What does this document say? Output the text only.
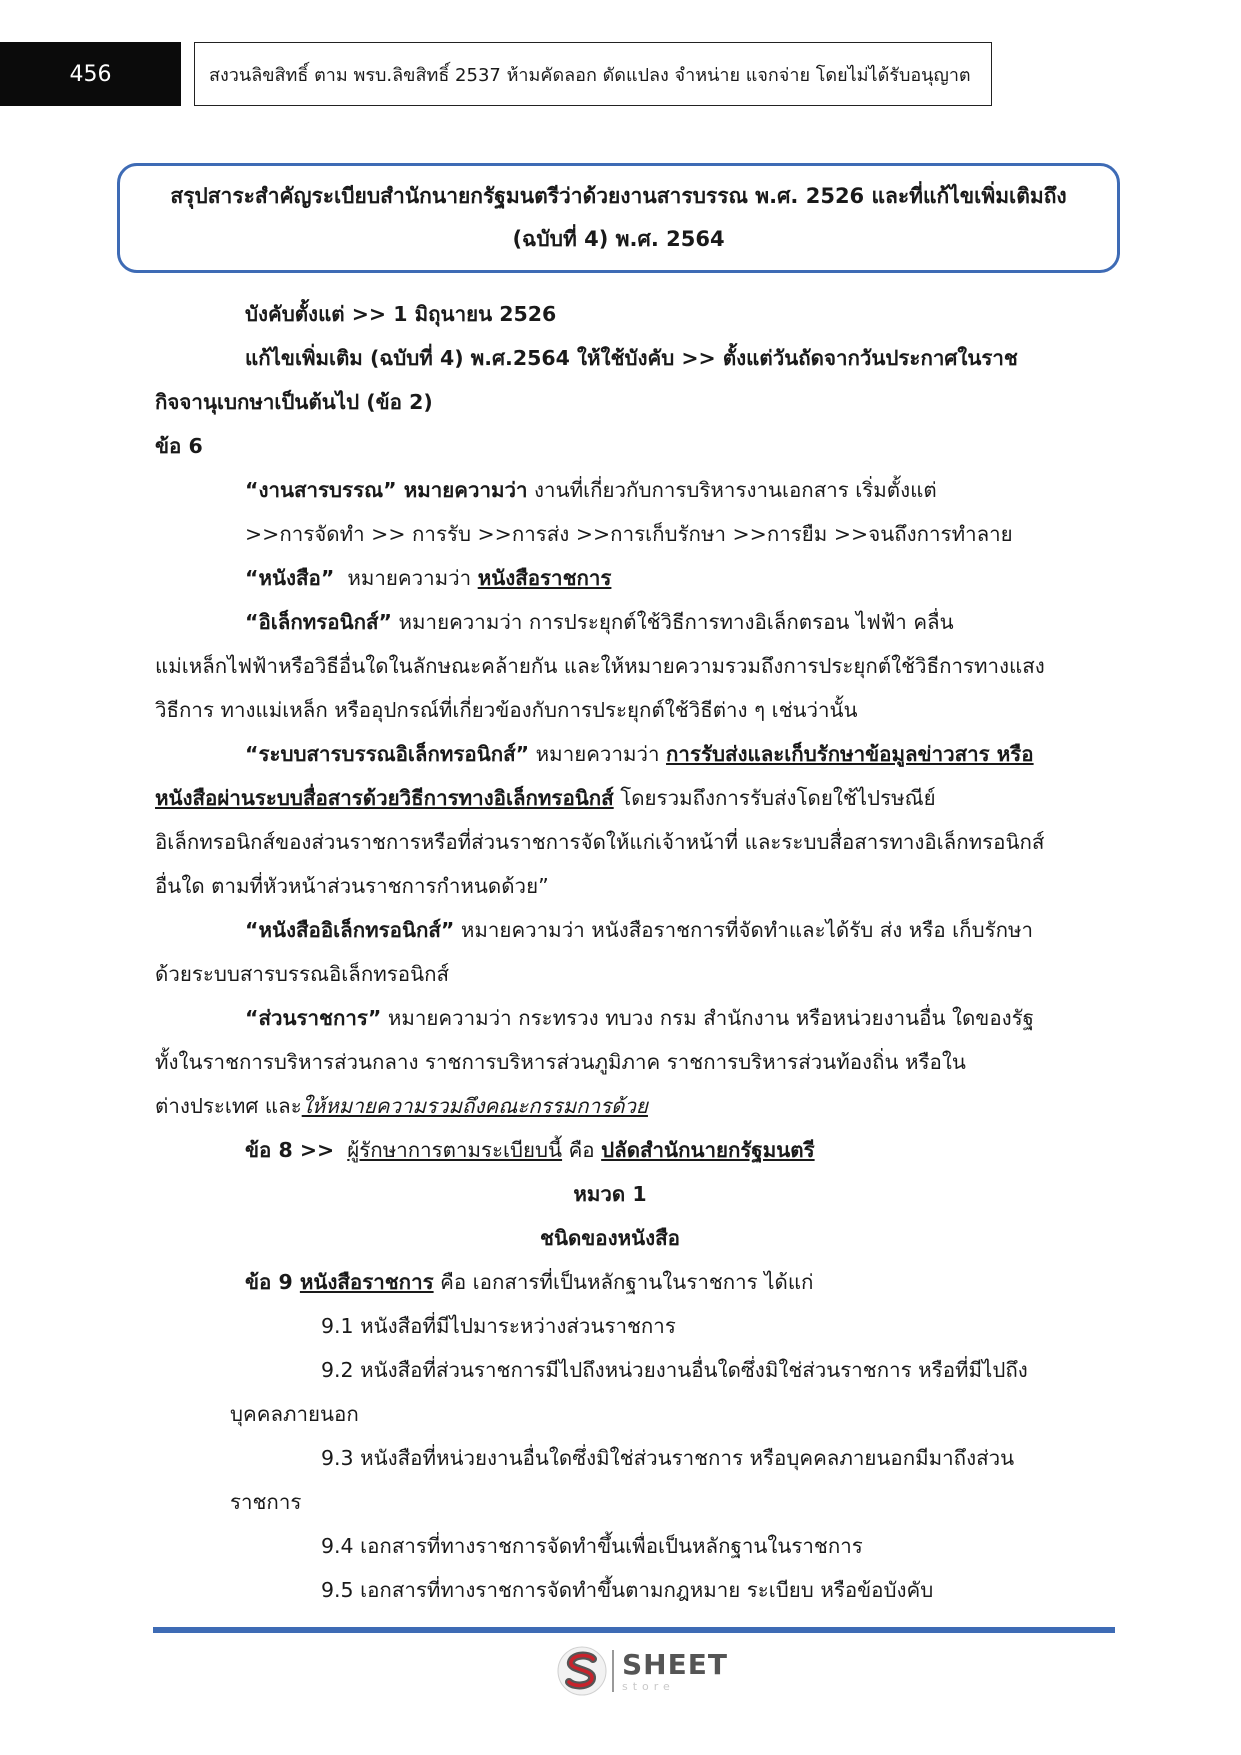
456	สงวนลิขสิทธิ์ ตาม พรบ.ลิขสิทธิ์ 2537 ห้ามคัดลอก ดัดแปลง จำหน่าย แจกจ่าย โดยไม่ได้รับอนุญาต
สรุปสาระสำคัญระเบียบสำนักนายกรัฐมนตรีว่าด้วยงานสารบรรณ พ.ศ. 2526 และที่แก้ไขเพิ่มเติมถึง
(ฉบับที่ 4) พ.ศ. 2564
บังคับตั้งแต่ >> 1 มิถุนายน 2526
แก้ไขเพิ่มเติม (ฉบับที่ 4) พ.ศ.2564 ให้ใช้บังคับ >> ตั้งแต่วันถัดจากวันประกาศในราช
กิจจานุเบกษาเป็นต้นไป (ข้อ 2)
ข้อ 6
“งานสารบรรณ” หมายความว่า งานที่เกี่ยวกับการบริหารงานเอกสาร เริ่มตั้งแต่
>>การจัดทำ >> การรับ >>การส่ง >>การเก็บรักษา >>การยืม >>จนถึงการทำลาย
“หนังสือ”  หมายความว่า หนังสือราชการ
“อิเล็กทรอนิกส์” หมายความว่า การประยุกต์ใช้วิธีการทางอิเล็กตรอน ไฟฟ้า คลื่น
แม่เหล็กไฟฟ้าหรือวิธีอื่นใดในลักษณะคล้ายกัน และให้หมายความรวมถึงการประยุกต์ใช้วิธีการทางแสง
วิธีการ ทางแม่เหล็ก หรืออุปกรณ์ที่เกี่ยวข้องกับการประยุกต์ใช้วิธีต่าง ๆ เช่นว่านั้น
“ระบบสารบรรณอิเล็กทรอนิกส์” หมายความว่า การรับส่งและเก็บรักษาข้อมูลข่าวสาร หรือ
หนังสือผ่านระบบสื่อสารด้วยวิธีการทางอิเล็กทรอนิกส์ โดยรวมถึงการรับส่งโดยใช้ไปรษณีย์
อิเล็กทรอนิกส์ของส่วนราชการหรือที่ส่วนราชการจัดให้แก่เจ้าหน้าที่ และระบบสื่อสารทางอิเล็กทรอนิกส์
อื่นใด ตามที่หัวหน้าส่วนราชการกำหนดด้วย”
“หนังสืออิเล็กทรอนิกส์” หมายความว่า หนังสือราชการที่จัดทำและได้รับ ส่ง หรือ เก็บรักษา
ด้วยระบบสารบรรณอิเล็กทรอนิกส์
“ส่วนราชการ” หมายความว่า กระทรวง ทบวง กรม สำนักงาน หรือหน่วยงานอื่น ใดของรัฐ
ทั้งในราชการบริหารส่วนกลาง ราชการบริหารส่วนภูมิภาค ราชการบริหารส่วนท้องถิ่น หรือใน
ต่างประเทศ และให้หมายความรวมถึงคณะกรรมการด้วย
ข้อ 8 >> ผู้รักษาการตามระเบียบนี้ คือ ปลัดสำนักนายกรัฐมนตรี
หมวด 1
ชนิดของหนังสือ
ข้อ 9 หนังสือราชการ คือ เอกสารที่เป็นหลักฐานในราชการ ได้แก่
9.1 หนังสือที่มีไปมาระหว่างส่วนราชการ
9.2 หนังสือที่ส่วนราชการมีไปถึงหน่วยงานอื่นใดซึ่งมิใช่ส่วนราชการ หรือที่มีไปถึง
บุคคลภายนอก
9.3 หนังสือที่หน่วยงานอื่นใดซึ่งมิใช่ส่วนราชการ หรือบุคคลภายนอกมีมาถึงส่วน
ราชการ
9.4 เอกสารที่ทางราชการจัดทำขึ้นเพื่อเป็นหลักฐานในราชการ
9.5 เอกสารที่ทางราชการจัดทำขึ้นตามกฎหมาย ระเบียบ หรือข้อบังคับ
SHEET
store
